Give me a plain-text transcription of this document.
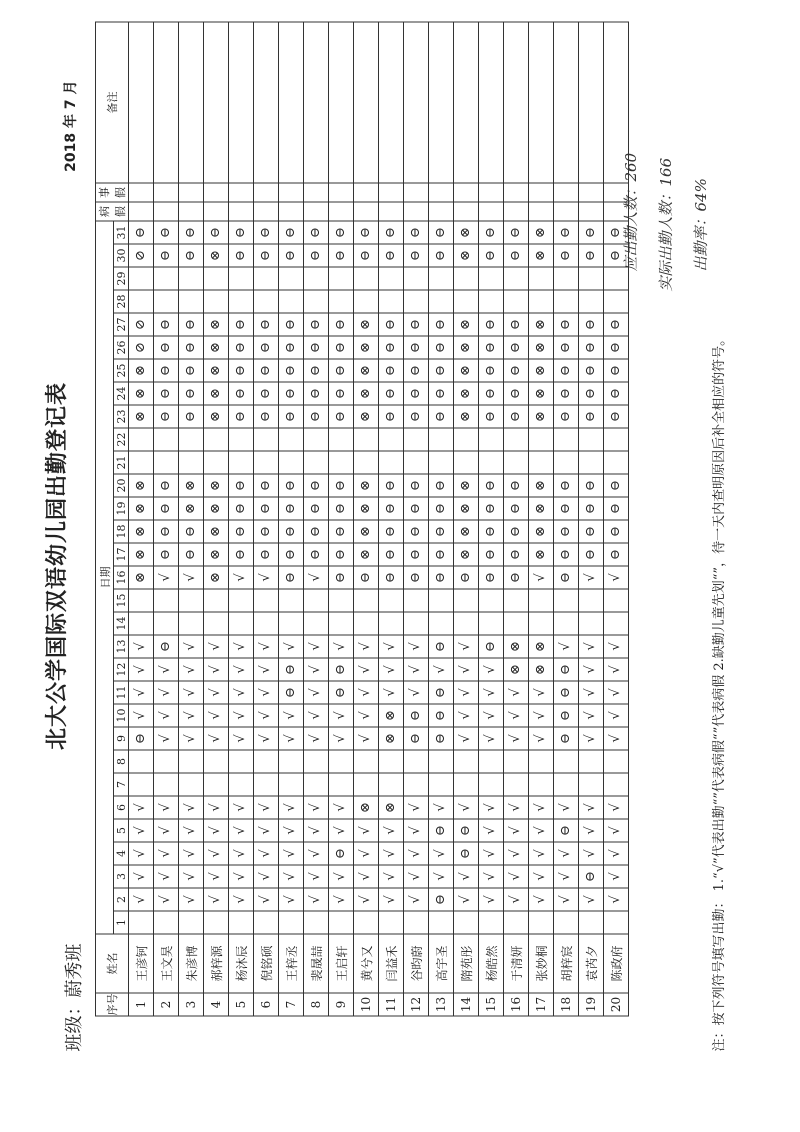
北大公学国际双语幼儿园出勤登记表
班级：蔚秀班
2018 年 7 月
序号	姓名	日期																															病假	事假	备注
		1	2	3	4	5	6	7	8	9	10	11	12	13	14	15	16	17	18	19	20	21	22	23	24	25	26	27	28	29	30	31			
1	王彦钶		√	√	√	√	√			⊖	√	√	√	√			⊗	⊗	⊗	⊗	⊗			⊗	⊗	⊗	⊘	⊘			⊘	⊖			
2	王文昊		√	√	√	√	√			√	√	√	√	⊖			√	⊖	⊖	⊖	⊖			⊖	⊖	⊖	⊖	⊖			⊖	⊖			
3	朱彦博		√	√	√	√	√			√	√	√	√	√			√	⊖	⊖	⊗	⊗			⊖	⊖	⊖	⊖	⊖			⊖	⊖			
4	郝梓源		√	√	√	√	√			√	√	√	√	√			⊗	⊗	⊗	⊗	⊗			⊗	⊗	⊗	⊗	⊗			⊗	⊖			
5	杨沐辰		√	√	√	√	√			√	√	√	√	√			√	⊖	⊖	⊖	⊖			⊖	⊖	⊖	⊖	⊖			⊖	⊖			
6	倪铭硕		√	√	√	√	√			√	√	√	√	√			√	⊖	⊖	⊖	⊖			⊖	⊖	⊖	⊖	⊖			⊖	⊖			
7	王梓丞		√	√	√	√	√			√	√	⊖	⊖	√			⊖	⊖	⊖	⊖	⊖			⊖	⊖	⊖	⊖	⊖			⊖	⊖			
8	裴晟喆		√	√	√	√	√			√	√	√	√	√			√	⊖	⊖	⊖	⊖			⊖	⊖	⊖	⊖	⊖			⊖	⊖			
9	王启轩		√	√	⊖	√	√			√	√	⊖	⊖	√			⊖	⊖	⊖	⊖	⊖			⊖	⊖	⊖	⊖	⊖			⊖	⊖			
10	黄兮又		√	√	√	√	⊗			√	√	√	√	√			⊖	⊗	⊗	⊗	⊗			⊗	⊗	⊗	⊗	⊗			⊖	⊖			
11	闫益禾		√	√	√	√	⊗			⊗	⊗	√	√	√			⊖	⊖	⊖	⊖	⊖			⊖	⊖	⊖	⊖	⊖			⊖	⊖			
12	谷昀蔚		√	√	√	√	√			⊖	⊖	√	√	√			⊖	⊖	⊖	⊖	⊖			⊖	⊖	⊖	⊖	⊖			⊖	⊖			
13	高宇圣		⊖	√	√	⊖	√			⊖	⊖	⊖	√	⊖			⊖	⊖	⊖	⊖	⊖			⊖	⊖	⊖	⊖	⊖			⊖	⊖			
14	隋苑彤		√	√	⊖	⊖	√			√	√	√	√	√			⊖	⊗	⊗	⊗	⊗			⊗	⊗	⊗	⊗	⊗			⊗	⊗			
15	杨皓然		√	√	√	√	√			√	√	√	√	⊖			⊖	⊖	⊖	⊖	⊖			⊖	⊖	⊖	⊖	⊖			⊖	⊖			
16	于清妍		√	√	√	√	√			√	√	√	⊗	⊗			⊖	⊖	⊖	⊖	⊖			⊖	⊖	⊖	⊖	⊖			⊖	⊖			
17	张妙桐		√	√	√	√	√			√	√	√	⊗	⊗			√	⊗	⊗	⊗	⊗			⊗	⊗	⊗	⊗	⊗			⊗	⊗			
18	胡梓宸		√	√	√	⊖	√			⊖	⊖	⊖	⊖	√			⊖	⊖	⊖	⊖	⊖			⊖	⊖	⊖	⊖	⊖			⊖	⊖			
19	袁芮夕		√	⊖	√	√	√			√	√	√	√	√			√	⊖	⊖	⊖	⊖			⊖	⊖	⊖	⊖	⊖			⊖	⊖			
20	陈政府		√	√	√	√	√			√	√	√	√	√			√	⊖	⊖	⊖	⊖			⊖	⊖	⊖	⊖	⊖			⊖	⊖			
注：按下列符号填写出勤： 1.“√”代表出勤“”代表病假“”代表病假 2.缺勤儿童先划“”，待一天内查明原因后补全相应的符号。
应出勤人数：260 实际出勤人数：166 出勤率：64%
